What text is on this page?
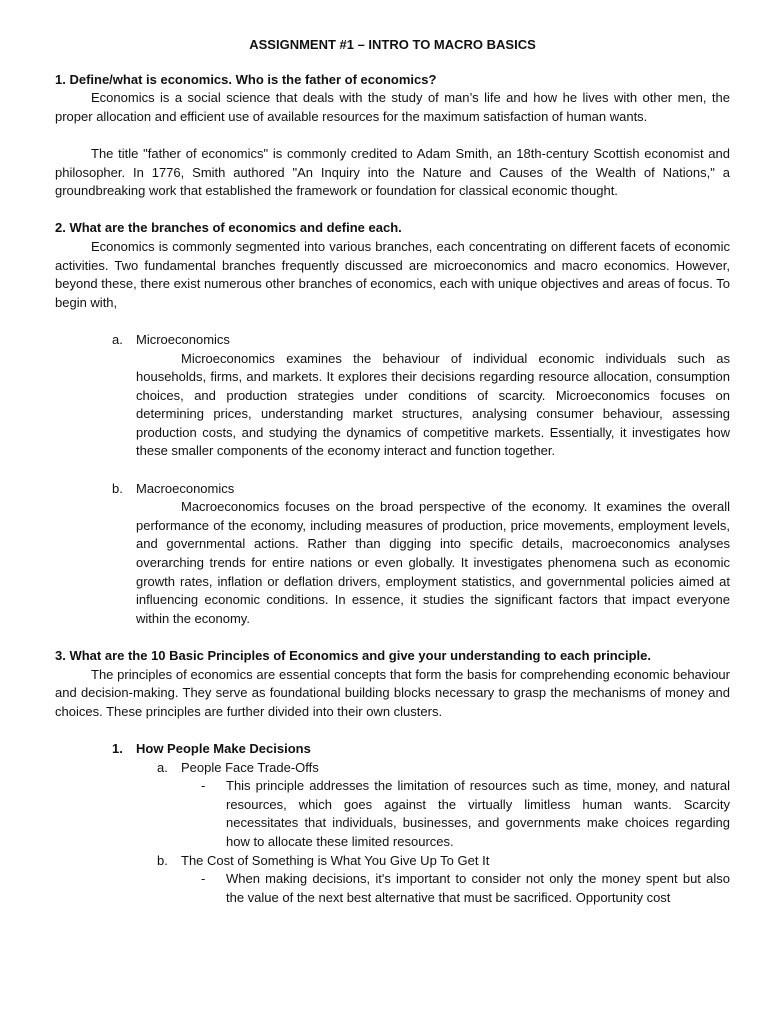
ASSIGNMENT #1 – INTRO TO MACRO BASICS

1. Define/what is economics. Who is the father of economics?

Economics is a social science that deals with the study of man’s life and how he lives with other men, the proper allocation and efficient use of available resources for the maximum satisfaction of human wants.

The title "father of economics" is commonly credited to Adam Smith, an 18th-century Scottish economist and philosopher. In 1776, Smith authored "An Inquiry into the Nature and Causes of the Wealth of Nations," a groundbreaking work that established the framework or foundation for classical economic thought.

2. What are the branches of economics and define each.

Economics is commonly segmented into various branches, each concentrating on different facets of economic activities. Two fundamental branches frequently discussed are microeconomics and macro economics. However, beyond these, there exist numerous other branches of economics, each with unique objectives and areas of focus. To begin with,

a. Microeconomics
Microeconomics examines the behaviour of individual economic individuals such as households, firms, and markets. It explores their decisions regarding resource allocation, consumption choices, and production strategies under conditions of scarcity. Microeconomics focuses on determining prices, understanding market structures, analysing consumer behaviour, assessing production costs, and studying the dynamics of competitive markets. Essentially, it investigates how these smaller components of the economy interact and function together.
b. Macroeconomics
Macroeconomics focuses on the broad perspective of the economy. It examines the overall performance of the economy, including measures of production, price movements, employment levels, and governmental actions. Rather than digging into specific details, macroeconomics analyses overarching trends for entire nations or even globally. It investigates phenomena such as economic growth rates, inflation or deflation drivers, employment statistics, and governmental policies aimed at influencing economic conditions. In essence, it studies the significant factors that impact everyone within the economy.

3. What are the 10 Basic Principles of Economics and give your understanding to each principle.

The principles of economics are essential concepts that form the basis for comprehending economic behaviour and decision-making. They serve as foundational building blocks necessary to grasp the mechanisms of money and choices. These principles are further divided into their own clusters.

1. How People Make Decisions
a. People Face Trade-Offs
- This principle addresses the limitation of resources such as time, money, and natural resources, which goes against the virtually limitless human wants. Scarcity necessitates that individuals, businesses, and governments make choices regarding how to allocate these limited resources.
b. The Cost of Something is What You Give Up To Get It
- When making decisions, it's important to consider not only the money spent but also the value of the next best alternative that must be sacrificed. Opportunity cost
